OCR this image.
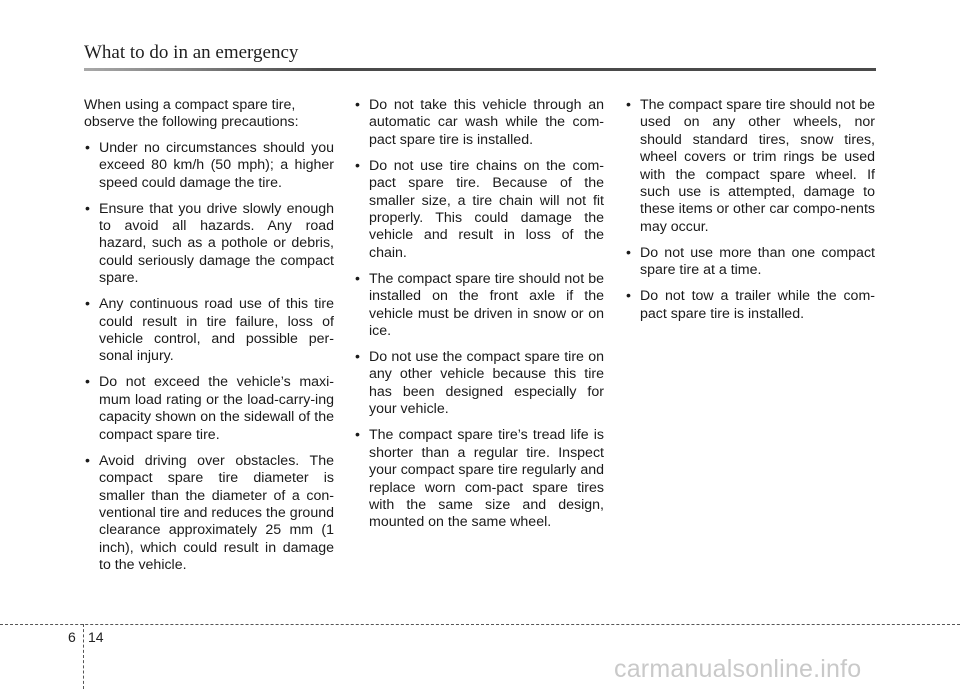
What to do in an emergency

When using a compact spare tire, observe the following precautions:

• Under no circumstances should you exceed 80 km/h (50 mph); a higher speed could damage the tire.
• Ensure that you drive slowly enough to avoid all hazards. Any road hazard, such as a pothole or debris, could seriously damage the compact spare.
• Any continuous road use of this tire could result in tire failure, loss of vehicle control, and possible per-sonal injury.
• Do not exceed the vehicle’s maxi-mum load rating or the load-carry-ing capacity shown on the sidewall of the compact spare tire.
• Avoid driving over obstacles. The compact spare tire diameter is smaller than the diameter of a con-ventional tire and reduces the ground clearance approximately 25 mm (1 inch), which could result in damage to the vehicle.
• Do not take this vehicle through an automatic car wash while the com-pact spare tire is installed.
• Do not use tire chains on the com-pact spare tire. Because of the smaller size, a tire chain will not fit properly. This could damage the vehicle and result in loss of the chain.
• The compact spare tire should not be installed on the front axle if the vehicle must be driven in snow or on ice.
• Do not use the compact spare tire on any other vehicle because this tire has been designed especially for your vehicle.
• The compact spare tire’s tread life is shorter than a regular tire. Inspect your compact spare tire regularly and replace worn com-pact spare tires with the same size and design, mounted on the same wheel.
• The compact spare tire should not be used on any other wheels, nor should standard tires, snow tires, wheel covers or trim rings be used with the compact spare wheel. If such use is attempted, damage to these items or other car compo-nents may occur.
• Do not use more than one compact spare tire at a time.
• Do not tow a trailer while the com-pact spare tire is installed.
6 14
carmanualsonline.info
